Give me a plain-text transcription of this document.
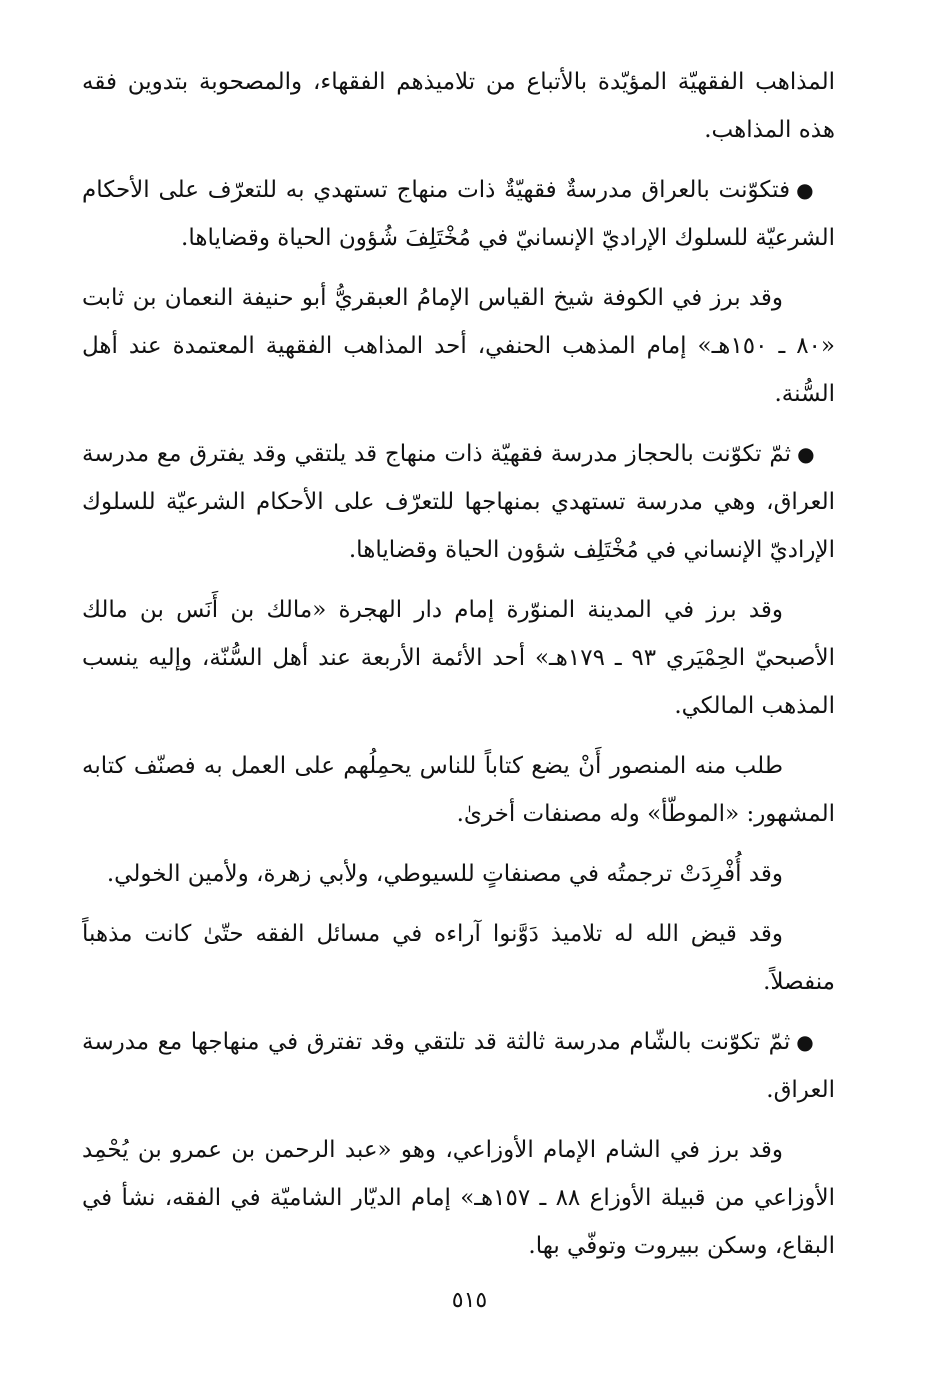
المذاهب الفقهيّة المؤيّدة بالأتباع من تلاميذهم الفقهاء، والمصحوبة بتدوين فقه هذه المذاهب.

●فتكوّنت بالعراق مدرسةٌ فقهيّةٌ ذات منهاج تستهدي به للتعرّف على الأحكام الشرعيّة للسلوك الإراديّ الإنسانيّ في مُخْتَلِفَ شُؤون الحياة وقضاياها.

وقد برز في الكوفة شيخ القياس الإمامُ العبقريُّ أبو حنيفة النعمان بن ثابت «٨٠ ـ ١٥٠هـ» إمام المذهب الحنفي، أحد المذاهب الفقهية المعتمدة عند أهل السُّنة.

●ثمّ تكوّنت بالحجاز مدرسة فقهيّة ذات منهاج قد يلتقي وقد يفترق مع مدرسة العراق، وهي مدرسة تستهدي بمنهاجها للتعرّف على الأحكام الشرعيّة للسلوك الإراديّ الإنساني في مُخْتَلِف شؤون الحياة وقضاياها.

وقد برز في المدينة المنوّرة إمام دار الهجرة «مالك بن أَنَس بن مالك الأصبحيّ الحِمْيَري ٩٣ ـ ١٧٩هـ» أحد الأئمة الأربعة عند أهل السُّنّة، وإليه ينسب المذهب المالكي.

طلب منه المنصور أَنْ يضع كتاباً للناس يحمِلُهم على العمل به فصنّف كتابه المشهور: «الموطّأ» وله مصنفات أخرىٰ.

وقد أُفْرِدَتْ ترجمتُه في مصنفاتٍ للسيوطي، ولأبي زهرة، ولأمين الخولي.

وقد قيض الله له تلاميذ دَوَّنوا آراءه في مسائل الفقه حتّىٰ كانت مذهباً منفصلاً.

●ثمّ تكوّنت بالشّام مدرسة ثالثة قد تلتقي وقد تفترق في منهاجها مع مدرسة العراق.

وقد برز في الشام الإمام الأوزاعي، وهو «عبد الرحمن بن عمرو بن يُحْمِد الأوزاعي من قبيلة الأوزاع ٨٨ ـ ١٥٧هـ» إمام الديّار الشاميّة في الفقه، نشأ في البقاع، وسكن ببيروت وتوفّي بها.

٥١٥
